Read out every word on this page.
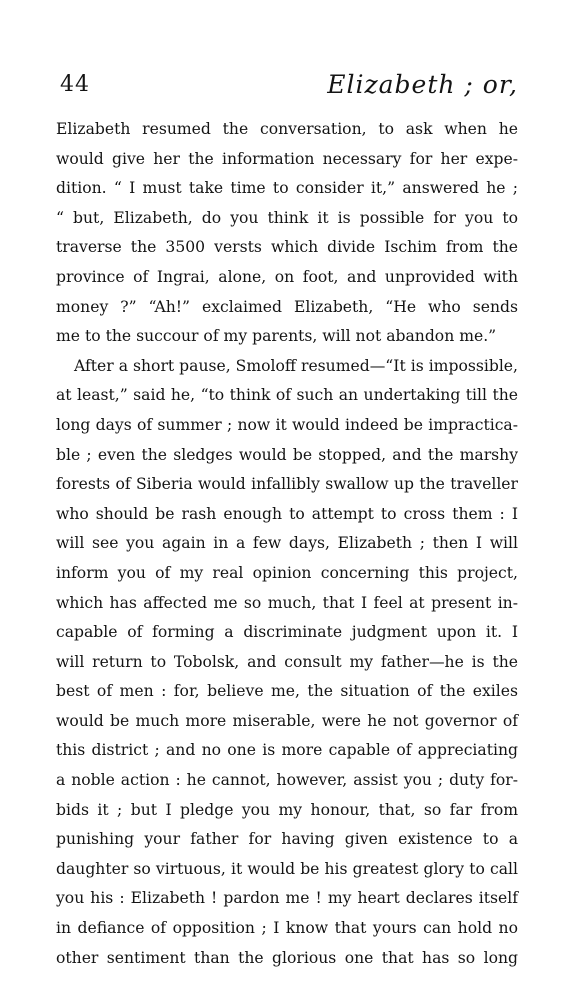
44	Elizabeth ; or,
Elizabeth resumed the conversation, to ask when he
would give her the information necessary for her expe-
dition. “ I must take time to consider it,” answered he ;
“ but, Elizabeth, do you think it is possible for you to
traverse the 3500 versts which divide Ischim from the
province of Ingrai, alone, on foot, and unprovided with
money ?” “Ah!” exclaimed Elizabeth, “He who sends
me to the succour of my parents, will not abandon me.”
After a short pause, Smoloff resumed—“It is impossible,
at least,” said he, “to think of such an undertaking till the
long days of summer ; now it would indeed be impractica-
ble ; even the sledges would be stopped, and the marshy
forests of Siberia would infallibly swallow up the traveller
who should be rash enough to attempt to cross them : I
will see you again in a few days, Elizabeth ; then I will
inform you of my real opinion concerning this project,
which has affected me so much, that I feel at present in-
capable of forming a discriminate judgment upon it. I
will return to Tobolsk, and consult my father—he is the
best of men : for, believe me, the situation of the exiles
would be much more miserable, were he not governor of
this district ; and no one is more capable of appreciating
a noble action : he cannot, however, assist you ; duty for-
bids it ; but I pledge you my honour, that, so far from
punishing your father for having given existence to a
daughter so virtuous, it would be his greatest glory to call
you his : Elizabeth ! pardon me ! my heart declares itself
in defiance of opposition ; I know that yours can hold no
other sentiment than the glorious one that has so long
